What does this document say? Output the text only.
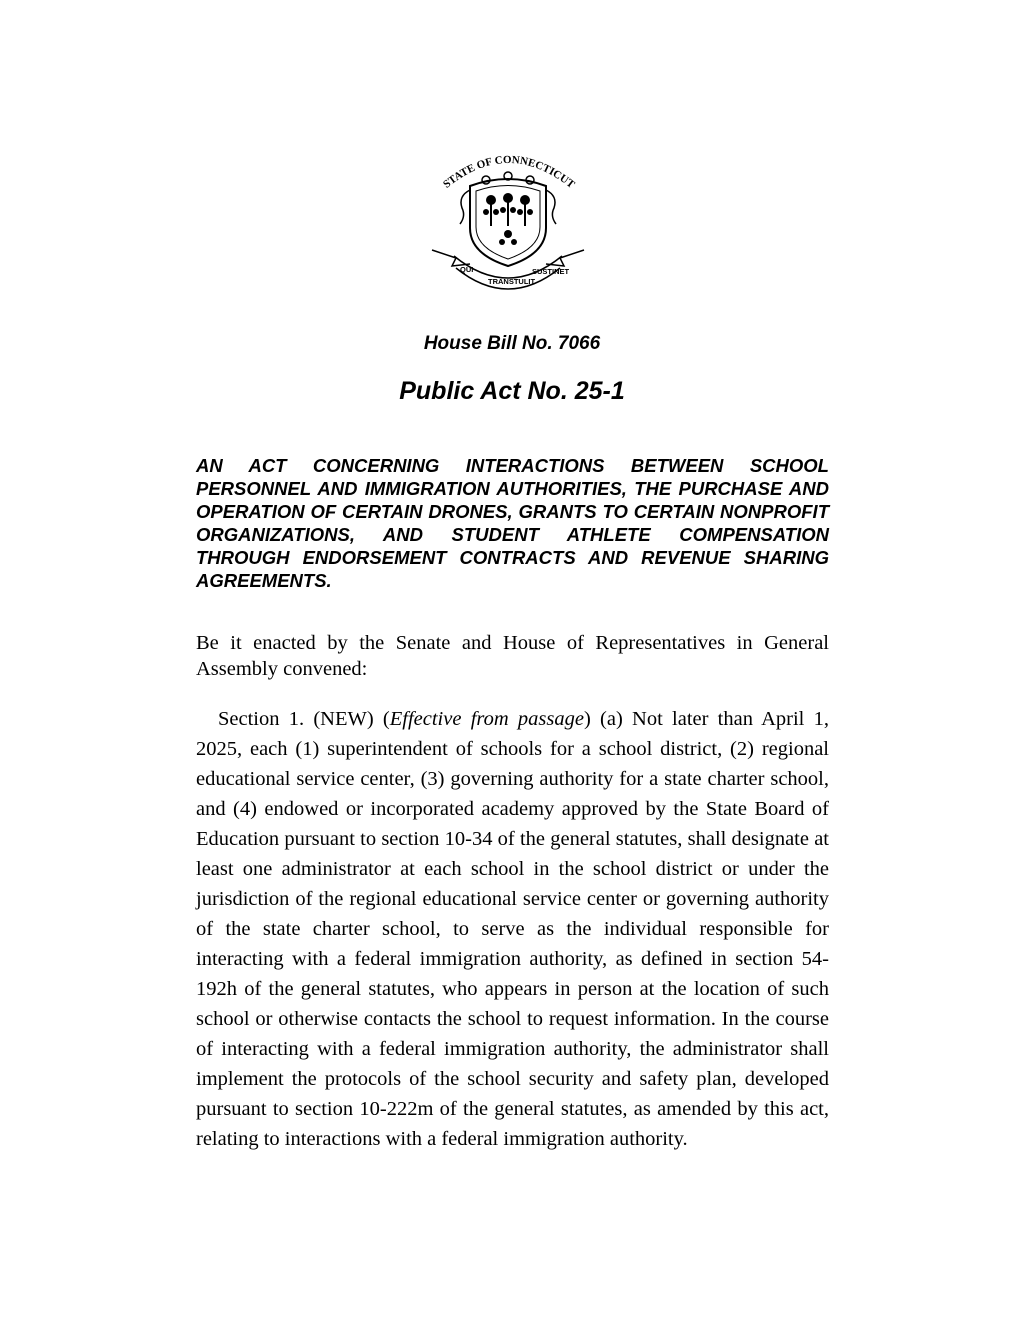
STATE OF CONNECTICUT
QUI
TRANSTULIT
SUSTINET
House Bill No. 7066
Public Act No. 25-1

AN ACT CONCERNING INTERACTIONS BETWEEN SCHOOL PERSONNEL AND IMMIGRATION AUTHORITIES, THE PURCHASE AND OPERATION OF CERTAIN DRONES, GRANTS TO CERTAIN NONPROFIT ORGANIZATIONS, AND STUDENT ATHLETE COMPENSATION THROUGH ENDORSEMENT CONTRACTS AND REVENUE SHARING AGREEMENTS.

Be it enacted by the Senate and House of Representatives in General Assembly convened:

Section 1. (NEW) (Effective from passage) (a) Not later than April 1, 2025, each (1) superintendent of schools for a school district, (2) regional educational service center, (3) governing authority for a state charter school, and (4) endowed or incorporated academy approved by the State Board of Education pursuant to section 10-34 of the general statutes, shall designate at least one administrator at each school in the school district or under the jurisdiction of the regional educational service center or governing authority of the state charter school, to serve as the individual responsible for interacting with a federal immigration authority, as defined in section 54-192h of the general statutes, who appears in person at the location of such school or otherwise contacts the school to request information. In the course of interacting with a federal immigration authority, the administrator shall implement the protocols of the school security and safety plan, developed pursuant to section 10-222m of the general statutes, as amended by this act, relating to interactions with a federal immigration authority.
